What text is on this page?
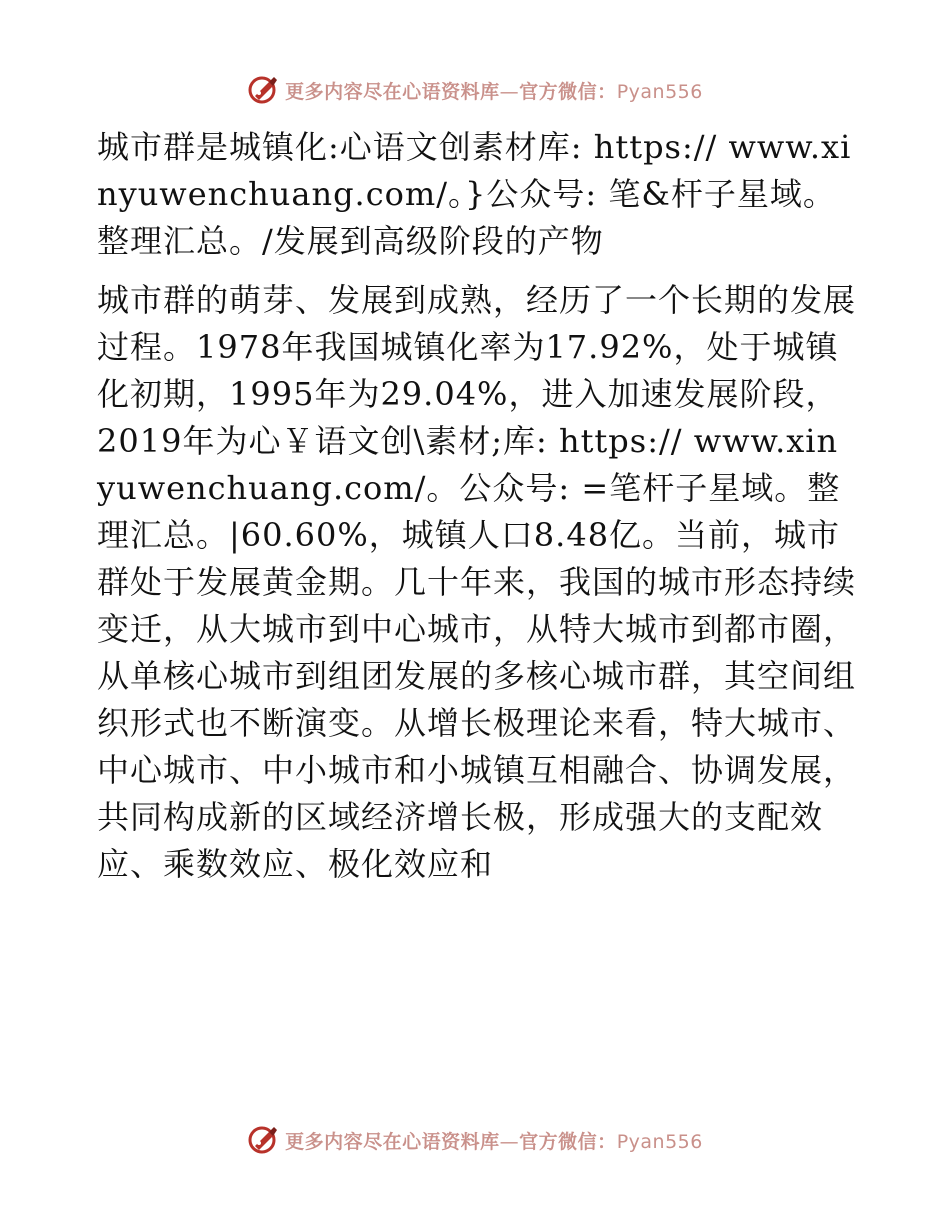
更多内容尽在心语资料库—官方微信：Pyan556

城市群是城镇化:心语文创素材库: https:// www.xinyuwenchuang.com/。}公众号: 笔&杆子星域。整理汇总。/发展到高级阶段的产物

城市群的萌芽、发展到成熟，经历了一个长期的发展过程。1978年我国城镇化率为17.92%，处于城镇化初期，1995年为29.04%，进入加速发展阶段，2019年为心￥语文创\素材;库: https:// www.xinyuwenchuang.com/。公众号: =笔杆子星域。整理汇总。|60.60%，城镇人口8.48亿。当前，城市群处于发展黄金期。几十年来，我国的城市形态持续变迁，从大城市到中心城市，从特大城市到都市圈，从单核心城市到组团发展的多核心城市群，其空间组织形式也不断演变。从增长极理论来看，特大城市、中心城市、中小城市和小城镇互相融合、协调发展，共同构成新的区域经济增长极，形成强大的支配效应、乘数效应、极化效应和

更多内容尽在心语资料库—官方微信：Pyan556
